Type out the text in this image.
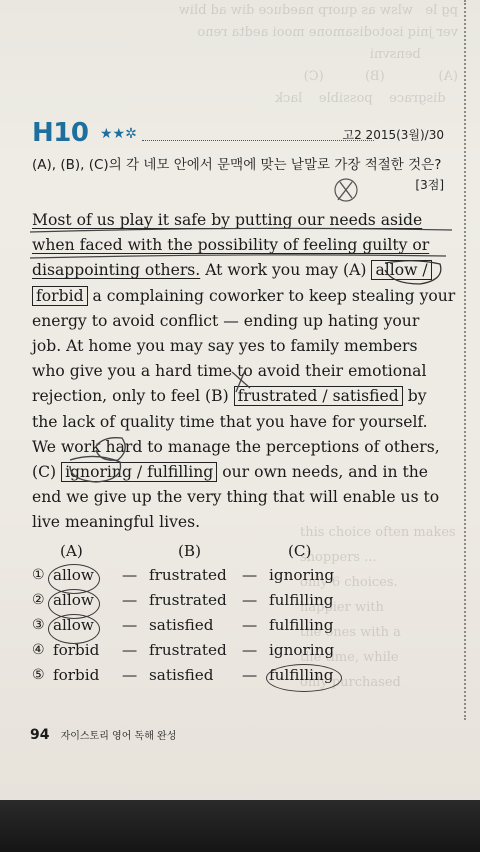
pg le   wlsw as quorp naeduce diw ad bliw
ver jniq isotodisamone mooi aedta reno
bensvni
(A)             (B)          (C)
disgrace    possible    lack
H10 ★★✲	고2 2015(3월)/30
(A), (B), (C)의 각 네모 안에서 문맥에 맞는 낱말로 가장 적절한 것은?
[3점]
Most of us play it safe by putting our needs aside
when faced with the possibility of feeling guilty or
disappointing others. At work you may (A) allow /
forbid a complaining coworker to keep stealing your
energy to avoid conflict — ending up hating your
job. At home you may say yes to family members
who give you a hard time to avoid their emotional
rejection, only to feel (B) frustrated / satisfied by
the lack of quality time that you have for yourself.
We work hard to manage the perceptions of others,
(C) ignoring / fulfilling our own needs, and in the
end we give up the very thing that will enable us to
live meaningful lives.
this choice often makes
shoppers ...
only 6 choices.
happier with
the ones with a
the time, while
only purchased
(A)	(B)	(C)
① allow — frustrated — ignoring
② allow — frustrated — fulfilling
③ allow — satisfied — fulfilling
④ forbid — frustrated — ignoring
⑤ forbid — satisfied — fulfilling
94 자이스토리 영어 독해 완성
